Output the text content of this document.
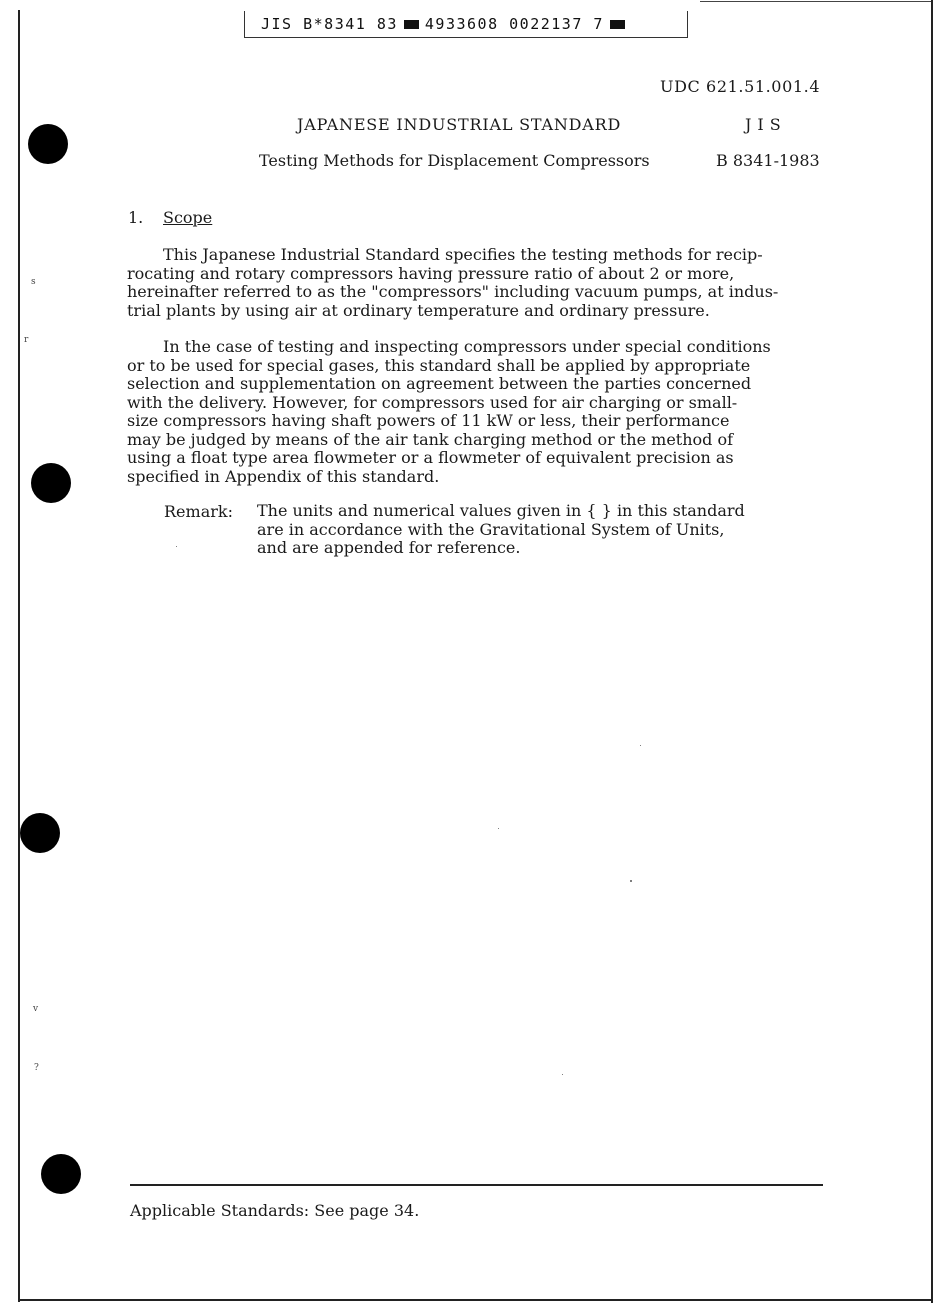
JIS B*8341 83 4933608 0022137 7
s
r
v
?
UDC 621.51.001.4
JAPANESE INDUSTRIAL STANDARD	JIS
Testing Methods for Displacement Compressors	B 8341-1983
1. Scope
This Japanese Industrial Standard specifies the testing methods for recip-
rocating and rotary compressors having pressure ratio of about 2 or more,
hereinafter referred to as the "compressors" including vacuum pumps, at indus-
trial plants by using air at ordinary temperature and ordinary pressure.
In the case of testing and inspecting compressors under special conditions
or to be used for special gases, this standard shall be applied by appropriate
selection and supplementation on agreement between the parties concerned
with the delivery. However, for compressors used for air charging or small-
size compressors having shaft powers of 11 kW or less, their performance
may be judged by means of the air tank charging method or the method of
using a float type area flowmeter or a flowmeter of equivalent precision as
specified in Appendix of this standard.
Remark: The units and numerical values given in { } in this standard
are in accordance with the Gravitational System of Units,
and are appended for reference.
Applicable Standards: See page 34.
